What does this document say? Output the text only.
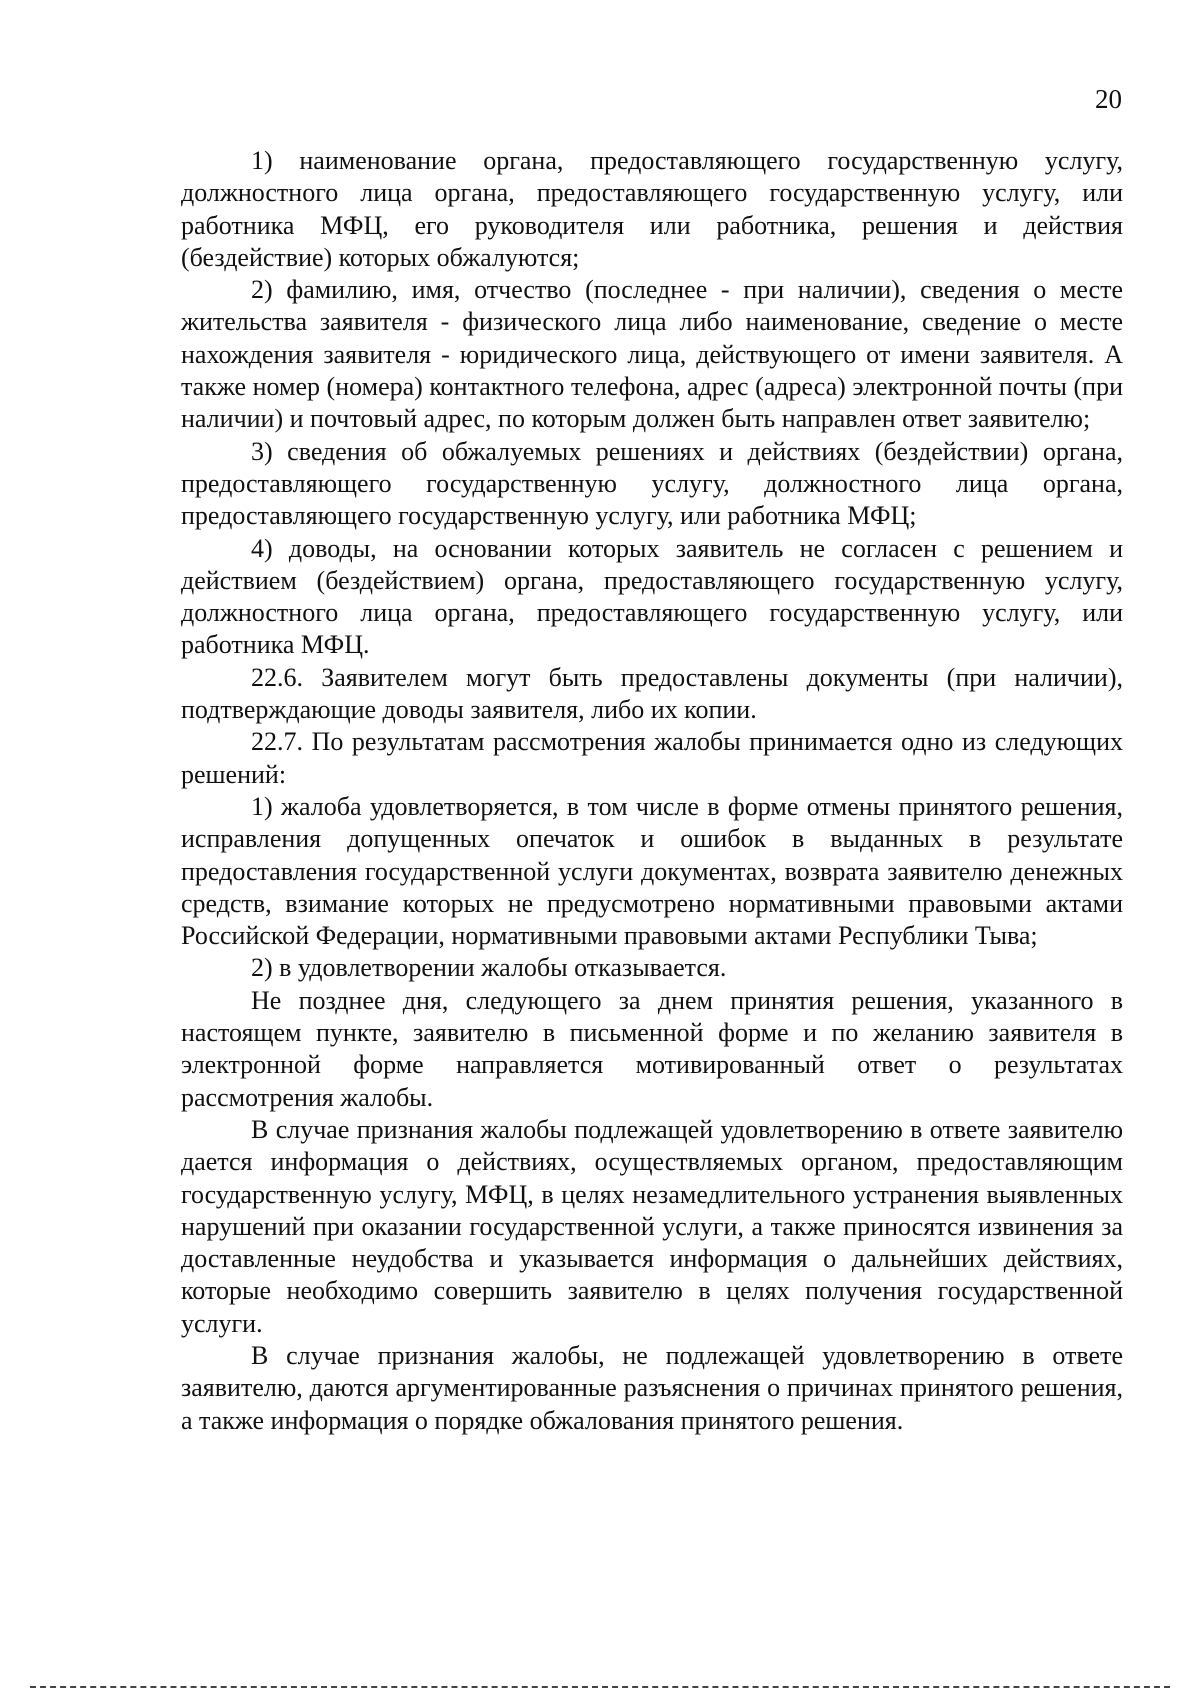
20

1) наименование органа, предоставляющего государственную услугу, должностного лица органа, предоставляющего государственную услугу, или работника МФЦ, его руководителя или работника, решения и действия (бездействие) которых обжалуются;

2) фамилию, имя, отчество (последнее - при наличии), сведения о месте жительства заявителя - физического лица либо наименование, сведение о месте нахождения заявителя - юридического лица, действующего от имени заявителя. А также номер (номера) контактного телефона, адрес (адреса) электронной почты (при наличии) и почтовый адрес, по которым должен быть направлен ответ заявителю;

3) сведения об обжалуемых решениях и действиях (бездействии) органа, предоставляющего государственную услугу, должностного лица органа, предоставляющего государственную услугу, или работника МФЦ;

4) доводы, на основании которых заявитель не согласен с решением и действием (бездействием) органа, предоставляющего государственную услугу, должностного лица органа, предоставляющего государственную услугу, или работника МФЦ.

22.6. Заявителем могут быть предоставлены документы (при наличии), подтверждающие доводы заявителя, либо их копии.

22.7. По результатам рассмотрения жалобы принимается одно из следующих решений:

1) жалоба удовлетворяется, в том числе в форме отмены принятого решения, исправления допущенных опечаток и ошибок в выданных в результате предоставления государственной услуги документах, возврата заявителю денежных средств, взимание которых не предусмотрено нормативными правовыми актами Российской Федерации, нормативными правовыми актами Республики Тыва;

2) в удовлетворении жалобы отказывается.

Не позднее дня, следующего за днем принятия решения, указанного в настоящем пункте, заявителю в письменной форме и по желанию заявителя в электронной форме направляется мотивированный ответ о результатах рассмотрения жалобы.

В случае признания жалобы подлежащей удовлетворению в ответе заявителю дается информация о действиях, осуществляемых органом, предоставляющим государственную услугу, МФЦ, в целях незамедлительного устранения выявленных нарушений при оказании государственной услуги, а также приносятся извинения за доставленные неудобства и указывается информация о дальнейших действиях, которые необходимо совершить заявителю в целях получения государственной услуги.

В случае признания жалобы, не подлежащей удовлетворению в ответе заявителю, даются аргументированные разъяснения о причинах принятого решения, а также информация о порядке обжалования принятого решения.
